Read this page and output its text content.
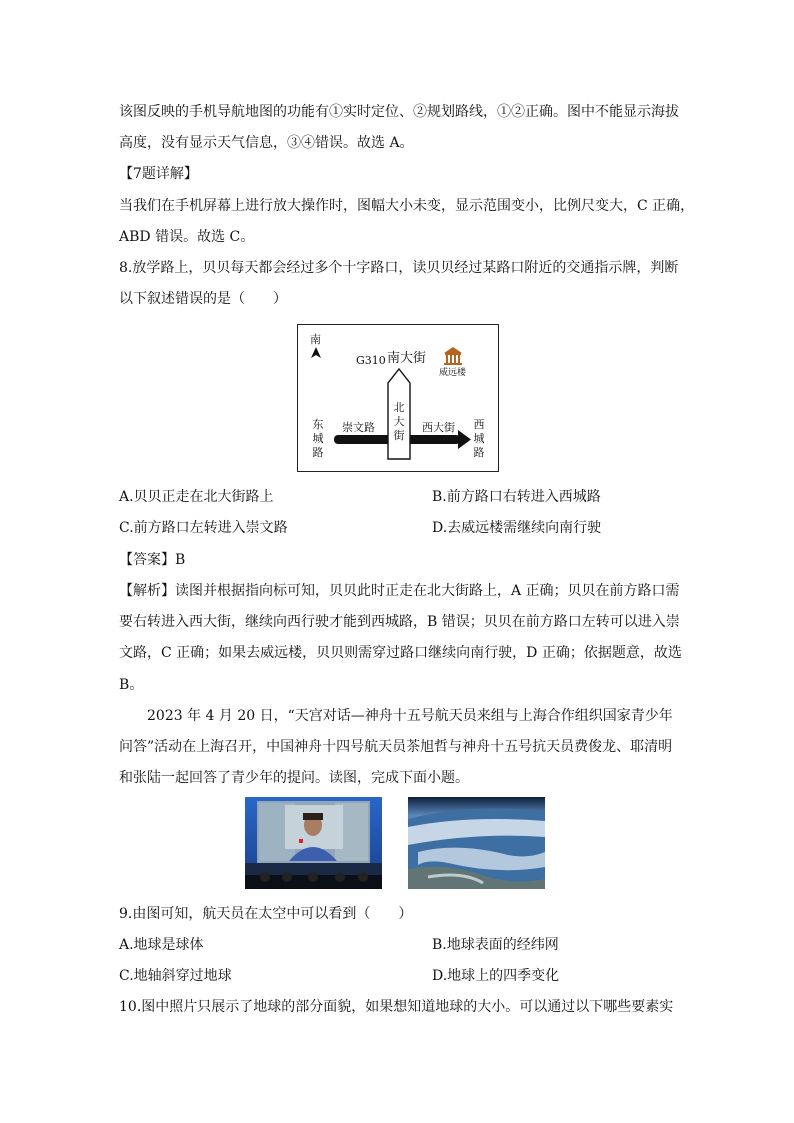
该图反映的手机导航地图的功能有①实时定位、②规划路线，①②正确。图中不能显示海拔
高度，没有显示天气信息，③④错误。故选 A。
【7题详解】
当我们在手机屏幕上进行放大操作时，图幅大小未变，显示范围变小，比例尺变大，C 正确，
ABD 错误。故选 C。
8.放学路上，贝贝每天都会经过多个十字路口，读贝贝经过某路口附近的交通指示牌，判断
以下叙述错误的是（　　）
南
G310 南大街
威远楼
北大街
东城路
崇文路	西大街 西城路
A.贝贝正走在北大街路上	B.前方路口右转进入西城路
C.前方路口左转进入崇文路	D.去威远楼需继续向南行驶
【答案】B
【解析】读图并根据指向标可知，贝贝此时正走在北大街路上，A 正确；贝贝在前方路口需
要右转进入西大街，继续向西行驶才能到西城路，B 错误；贝贝在前方路口左转可以进入崇
文路，C 正确；如果去威远楼，贝贝则需穿过路口继续向南行驶，D 正确；依据题意，故选
B。
　　2023 年 4 月 20 日，“天宫对话—神舟十五号航天员来组与上海合作组织国家青少年
问答”活动在上海召开，中国神舟十四号航天员茶旭哲与神舟十五号抗天员费俊龙、耶清明
和张陆一起回答了青少年的提问。读图，完成下面小题。
9.由图可知，航天员在太空中可以看到（　　）
A.地球是球体	B.地球表面的经纬网
C.地轴斜穿过地球	D.地球上的四季变化
10.图中照片只展示了地球的部分面貌，如果想知道地球的大小。可以通过以下哪些要素实
